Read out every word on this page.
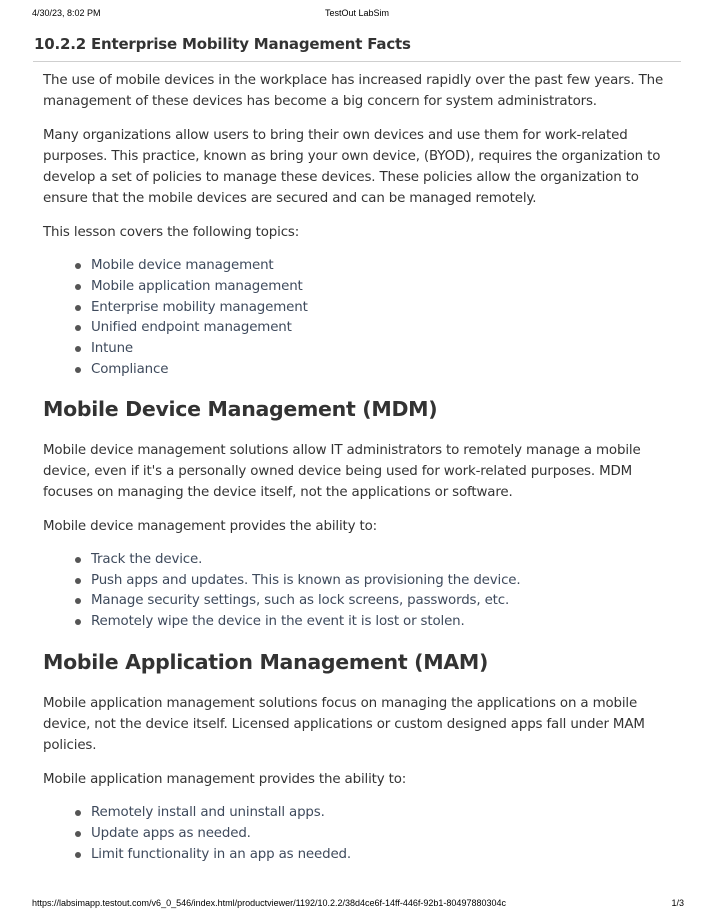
4/30/23, 8:02 PM	TestOut LabSim
10.2.2 Enterprise Mobility Management Facts

The use of mobile devices in the workplace has increased rapidly over the past few years. The management of these devices has become a big concern for system administrators.

Many organizations allow users to bring their own devices and use them for work-related purposes. This practice, known as bring your own device, (BYOD), requires the organization to develop a set of policies to manage these devices. These policies allow the organization to ensure that the mobile devices are secured and can be managed remotely.

This lesson covers the following topics:

Mobile device management
Mobile application management
Enterprise mobility management
Unified endpoint management
Intune
Compliance
Mobile Device Management (MDM)

Mobile device management solutions allow IT administrators to remotely manage a mobile device, even if it's a personally owned device being used for work-related purposes. MDM focuses on managing the device itself, not the applications or software.

Mobile device management provides the ability to:

Track the device.
Push apps and updates. This is known as provisioning the device.
Manage security settings, such as lock screens, passwords, etc.
Remotely wipe the device in the event it is lost or stolen.
Mobile Application Management (MAM)

Mobile application management solutions focus on managing the applications on a mobile device, not the device itself. Licensed applications or custom designed apps fall under MAM policies.

Mobile application management provides the ability to:

Remotely install and uninstall apps.
Update apps as needed.
Limit functionality in an app as needed.
https://labsimapp.testout.com/v6_0_546/index.html/productviewer/1192/10.2.2/38d4ce6f-14ff-446f-92b1-80497880304c	1/3
